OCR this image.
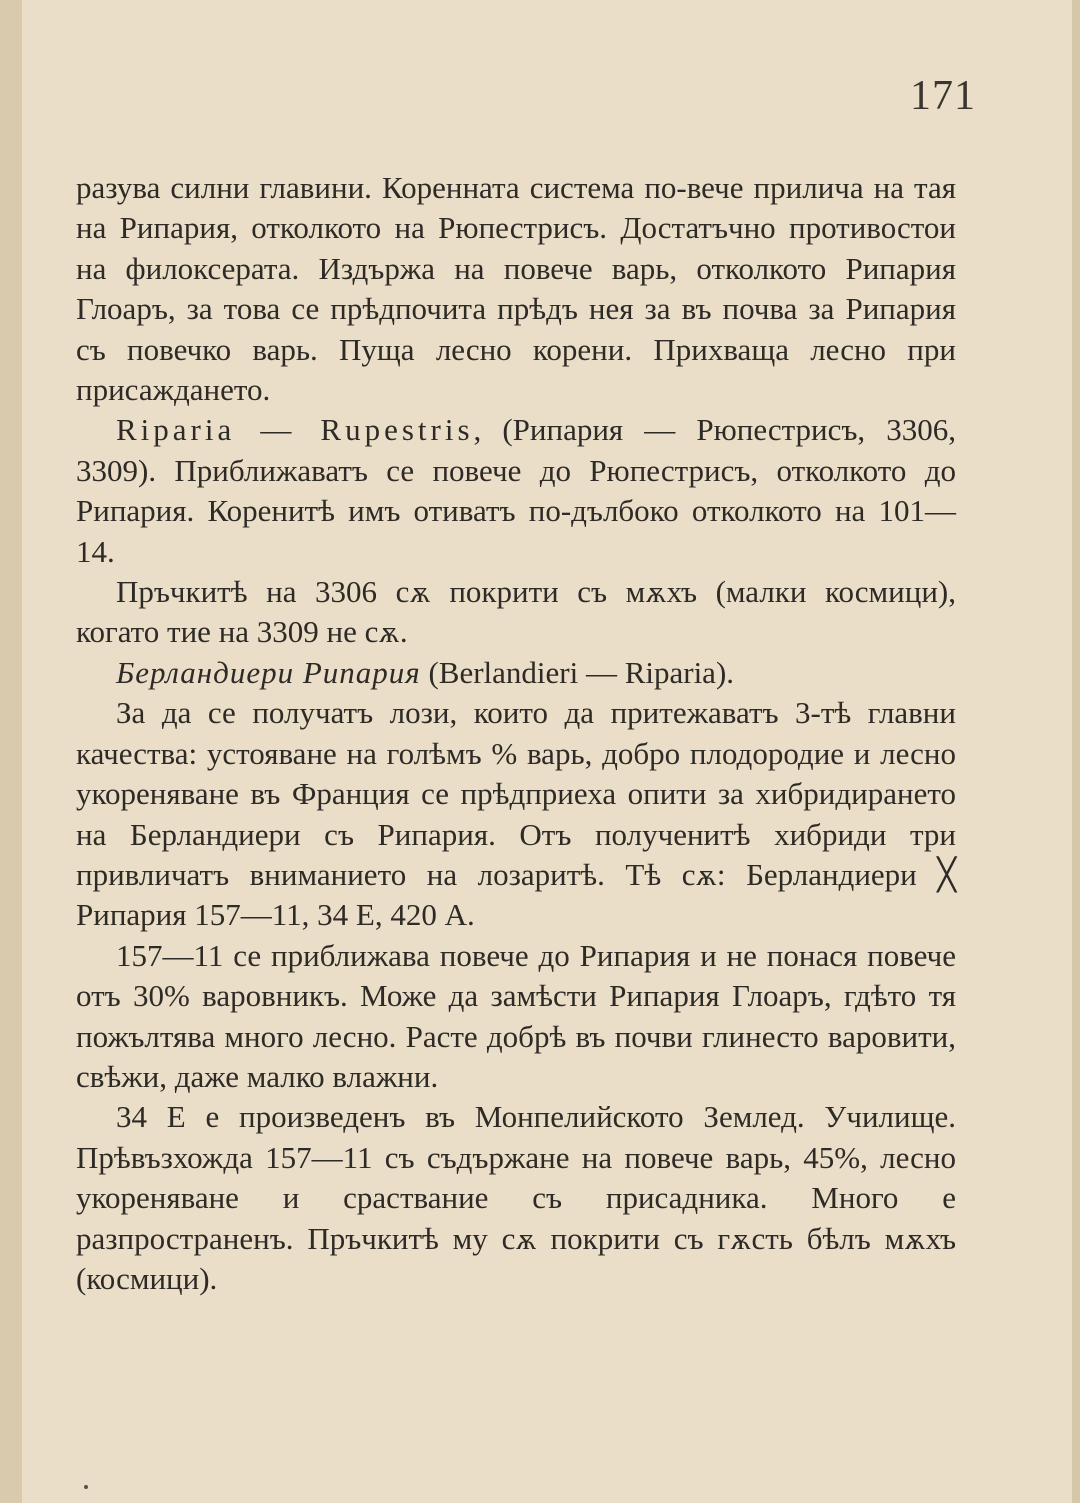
171

разува силни главини. Коренната система по-вече прилича на тая на Рипария, отколкото на Рюпестрисъ. Достатъчно противостои на филоксерата. Издържа на повече варь, отколкото Рипария Глоаръ, за това се прѣдпочита прѣдъ нея за въ почва за Рипария съ повечко варь. Пуща лесно корени. Прихваща лесно при присаждането.

Riparia — Rupestris, (Рипария — Рюпестрисъ, 3306, 3309). Приближаватъ се повече до Рюпестрисъ, отколкото до Рипария. Коренитѣ имъ отиватъ по-дълбоко отколкото на 101—14.

Пръчкитѣ на 3306 сѫ покрити съ мѫхъ (малки космици), когато тие на 3309 не сѫ.

Берландиери Рипария (Berlandieri — Riparia).

За да се получатъ лози, които да притежаватъ 3-тѣ главни качества: устояване на голѣмъ % варь, добро плодородие и лесно укореняване въ Франция се прѣдприеха опити за хибридирането на Берландиери съ Рипария. Отъ полученитѣ хибриди три привличатъ вниманието на лозаритѣ. Тѣ сѫ: Берландиери ╳ Рипария 157—11, 34 Е, 420 А.

157—11 се приближава повече до Рипария и не понася повече отъ 30% варовникъ. Може да замѣсти Рипария Глоаръ, гдѣто тя пожълтява много лесно. Расте добрѣ въ почви глинесто варовити, свѣжи, даже малко влажни.

34 Е е произведенъ въ Монпелийското Землед. Училище. Прѣвъзхожда 157—11 съ съдържане на повече варь, 45%, лесно укореняване и сраствание съ присадника. Много е разпространенъ. Пръчкитѣ му сѫ покрити съ гѫсть бѣлъ мѫхъ (космици).
